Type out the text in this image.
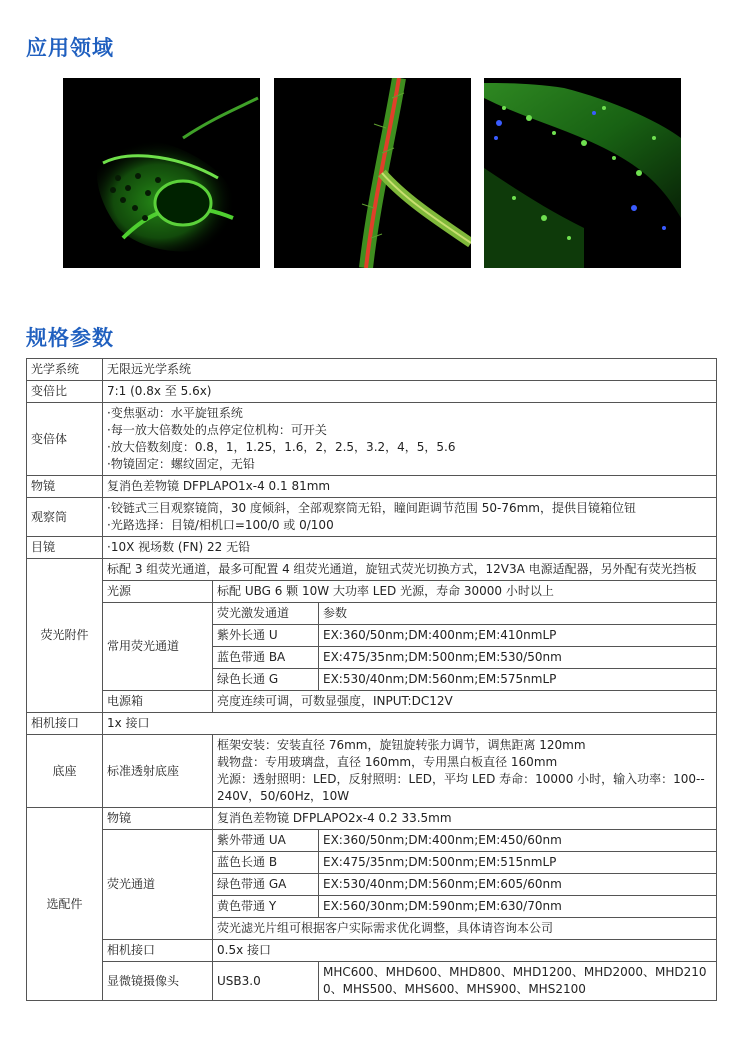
应用领域
规格参数
光学系统	无限远光学系统		
变倍比	7:1 (0.8x 至 5.6x)		
变倍体	·变焦驱动：水平旋钮系统
·每一放大倍数处的点停定位机构：可开关
·放大倍数刻度：0.8，1，1.25，1.6，2，2.5，3.2，4，5，5.6
·物镜固定：螺纹固定，无铅		

物镜	复消色差物镜 DFPLAPO1x-4 0.1 81mm		
观察筒	·铰链式三目观察镜筒，30 度倾斜，全部观察筒无铅，瞳间距调节范围 50-76mm，提供目镜箱位钮
·光路选择：目镜/相机口=100/0 或 0/100		

目镜	·10X 视场数 (FN) 22 无铅		
荧光附件	标配 3 组荧光通道，最多可配置 4 组荧光通道，旋钮式荧光切换方式，12V3A 电源适配器，另外配有荧光挡板		
	光源	标配 UBG 6 颗 10W 大功率 LED 光源，寿命 30000 小时以上	
	常用荧光通道	荧光激发通道	参数
		紫外长通 U	EX:360/50nm;DM:400nm;EM:410nmLP
		蓝色带通 BA	EX:475/35nm;DM:500nm;EM:530/50nm
		绿色长通 G	EX:530/40nm;DM:560nm;EM:575nmLP
	电源箱	亮度连续可调，可数显强度，INPUT:DC12V	
相机接口	1x 接口		
底座	标准透射底座	框架安装：安装直径 76mm，旋钮旋转张力调节，调焦距离 120mm
载物盘：专用玻璃盘，直径 160mm，专用黑白板直径 160mm
光源：透射照明：LED，反射照明：LED，平均 LED 寿命：10000 小时，输入功率：100--240V，50/60Hz，10W	

选配件	物镜	复消色差物镜 DFPLAPO2x-4 0.2 33.5mm	
	荧光通道	紫外带通 UA	EX:360/50nm;DM:400nm;EM:450/60nm
		蓝色长通 B	EX:475/35nm;DM:500nm;EM:515nmLP
		绿色带通 GA	EX:530/40nm;DM:560nm;EM:605/60nm
		黄色带通 Y	EX:560/30nm;DM:590nm;EM:630/70nm
		荧光滤光片组可根据客户实际需求优化调整，具体请咨询本公司	
	相机接口	0.5x 接口	
	显微镜摄像头	USB3.0	MHC600、MHD600、MHD800、MHD1200、MHD2000、MHD2100、MHS500、MHS600、MHS900、MHS2100
